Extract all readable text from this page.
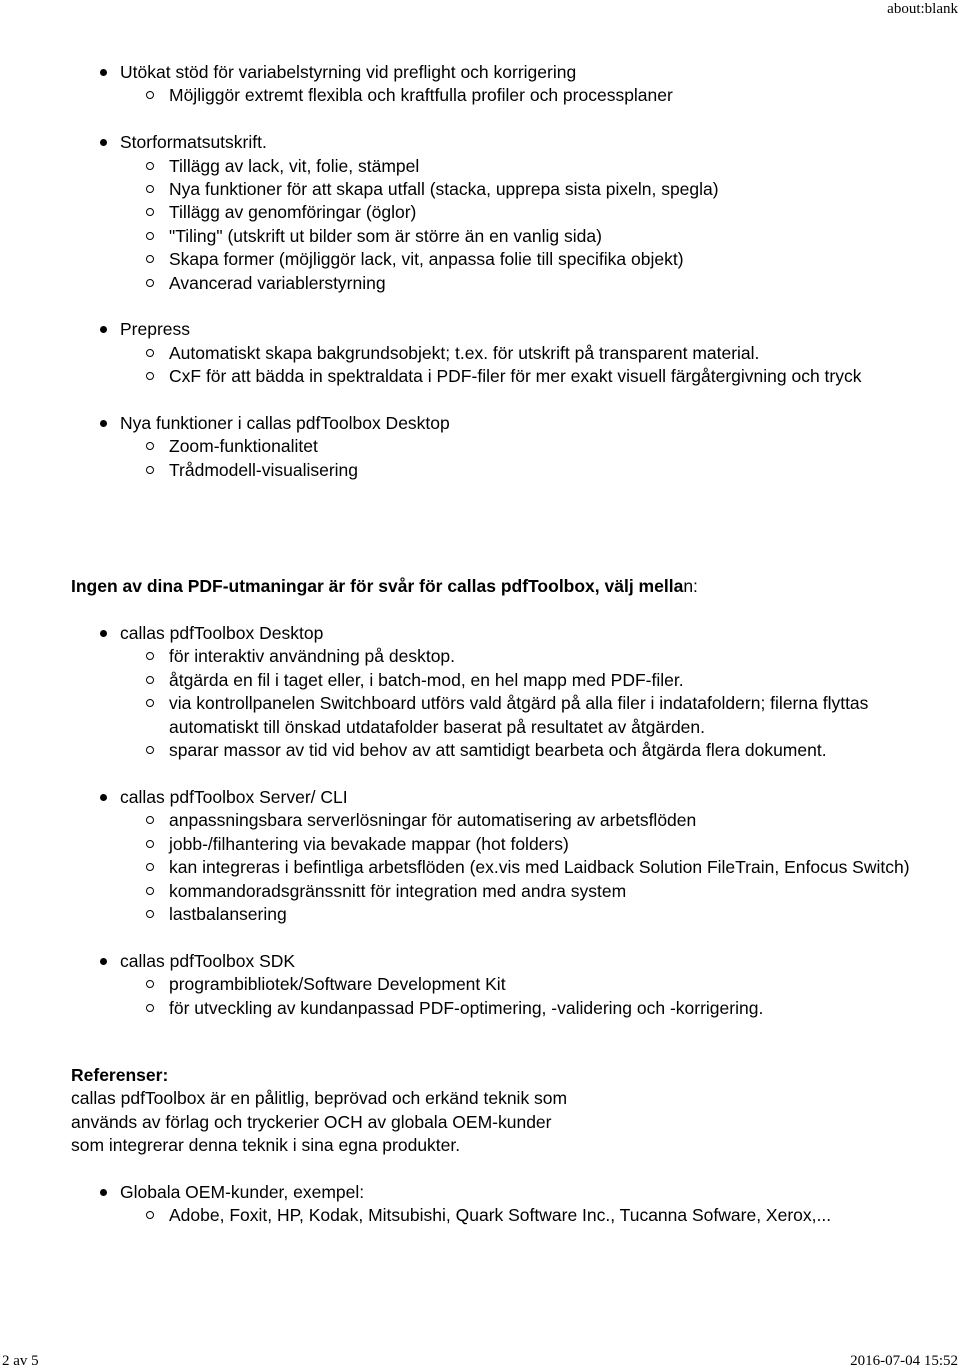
about:blank
Utökat stöd för variabelstyrning vid preflight och korrigering
Möjliggör extremt flexibla och kraftfulla profiler och processplaner
Storformatsutskrift.
Tillägg av lack, vit, folie, stämpel
Nya funktioner för att skapa utfall (stacka, upprepa sista pixeln, spegla)
Tillägg av genomföringar (öglor)
"Tiling" (utskrift ut bilder som är större än en vanlig sida)
Skapa former (möjliggör lack, vit, anpassa folie till specifika objekt)
Avancerad variablerstyrning
Prepress
Automatiskt skapa bakgrundsobjekt; t.ex. för utskrift på transparent material.
CxF för att bädda in spektraldata i PDF-filer för mer exakt visuell färgåtergivning och tryck
Nya funktioner i callas pdfToolbox Desktop
Zoom-funktionalitet
Trådmodell-visualisering

Ingen av dina PDF-utmaningar är för svår för callas pdfToolbox, välj mellan:

callas pdfToolbox Desktop
för interaktiv användning på desktop.
åtgärda en fil i taget eller, i batch-mod, en hel mapp med PDF-filer.
via kontrollpanelen Switchboard utförs vald åtgärd på alla filer i indatafoldern; filerna flyttas automatiskt till önskad utdatafolder baserat på resultatet av åtgärden.
sparar massor av tid vid behov av att samtidigt bearbeta och åtgärda flera dokument.
callas pdfToolbox Server/ CLI
anpassningsbara serverlösningar för automatisering av arbetsflöden
jobb-/filhantering via bevakade mappar (hot folders)
kan integreras i befintliga arbetsflöden (ex.vis med Laidback Solution FileTrain, Enfocus Switch)
kommandoradsgränssnitt för integration med andra system
lastbalansering
callas pdfToolbox SDK
programbibliotek/Software Development Kit
för utveckling av kundanpassad PDF-optimering, -validering och -korrigering.

Referenser:

callas pdfToolbox är en pålitlig, beprövad och erkänd teknik som

används av förlag och tryckerier OCH av globala OEM-kunder

som integrerar denna teknik i sina egna produkter.

Globala OEM-kunder, exempel:
Adobe, Foxit, HP, Kodak, Mitsubishi, Quark Software Inc., Tucanna Sofware, Xerox,...
2 av 5	2016-07-04 15:52
